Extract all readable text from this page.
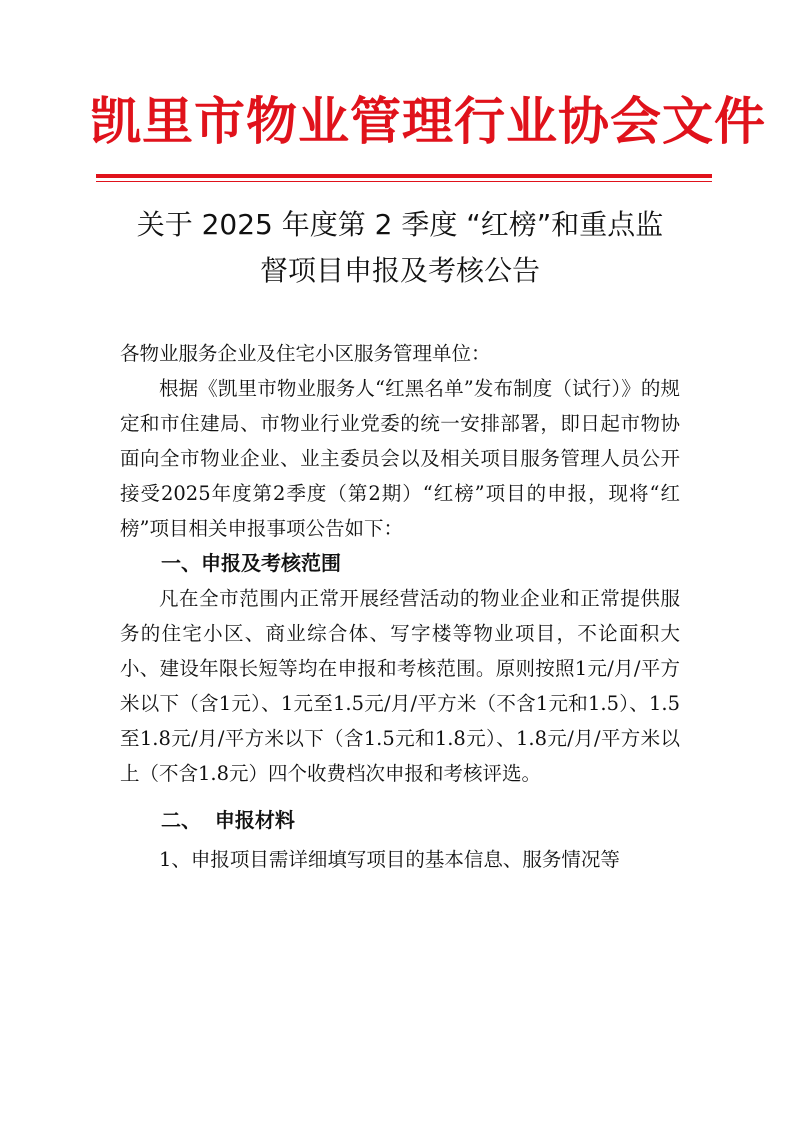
凯里市物业管理行业协会文件
关于 2025 年度第 2 季度 “红榜”和重点监
督项目申报及考核公告

各物业服务企业及住宅小区服务管理单位：

根据《凯里市物业服务人“红黑名单”发布制度（试行）》的规定和市住建局、市物业行业党委的统一安排部署，即日起市物协面向全市物业企业、业主委员会以及相关项目服务管理人员公开接受2025年度第2季度（第2期）“红榜”项目的申报，现将“红榜”项目相关申报事项公告如下：

一、申报及考核范围

凡在全市范围内正常开展经营活动的物业企业和正常提供服务的住宅小区、商业综合体、写字楼等物业项目，不论面积大小、建设年限长短等均在申报和考核范围。原则按照1元/月/平方米以下（含1元）、1元至1.5元/月/平方米（不含1元和1.5）、1.5至1.8元/月/平方米以下（含1.5元和1.8元）、1.8元/月/平方米以上（不含1.8元）四个收费档次申报和考核评选。

二、  申报材料

1、申报项目需详细填写项目的基本信息、服务情况等
